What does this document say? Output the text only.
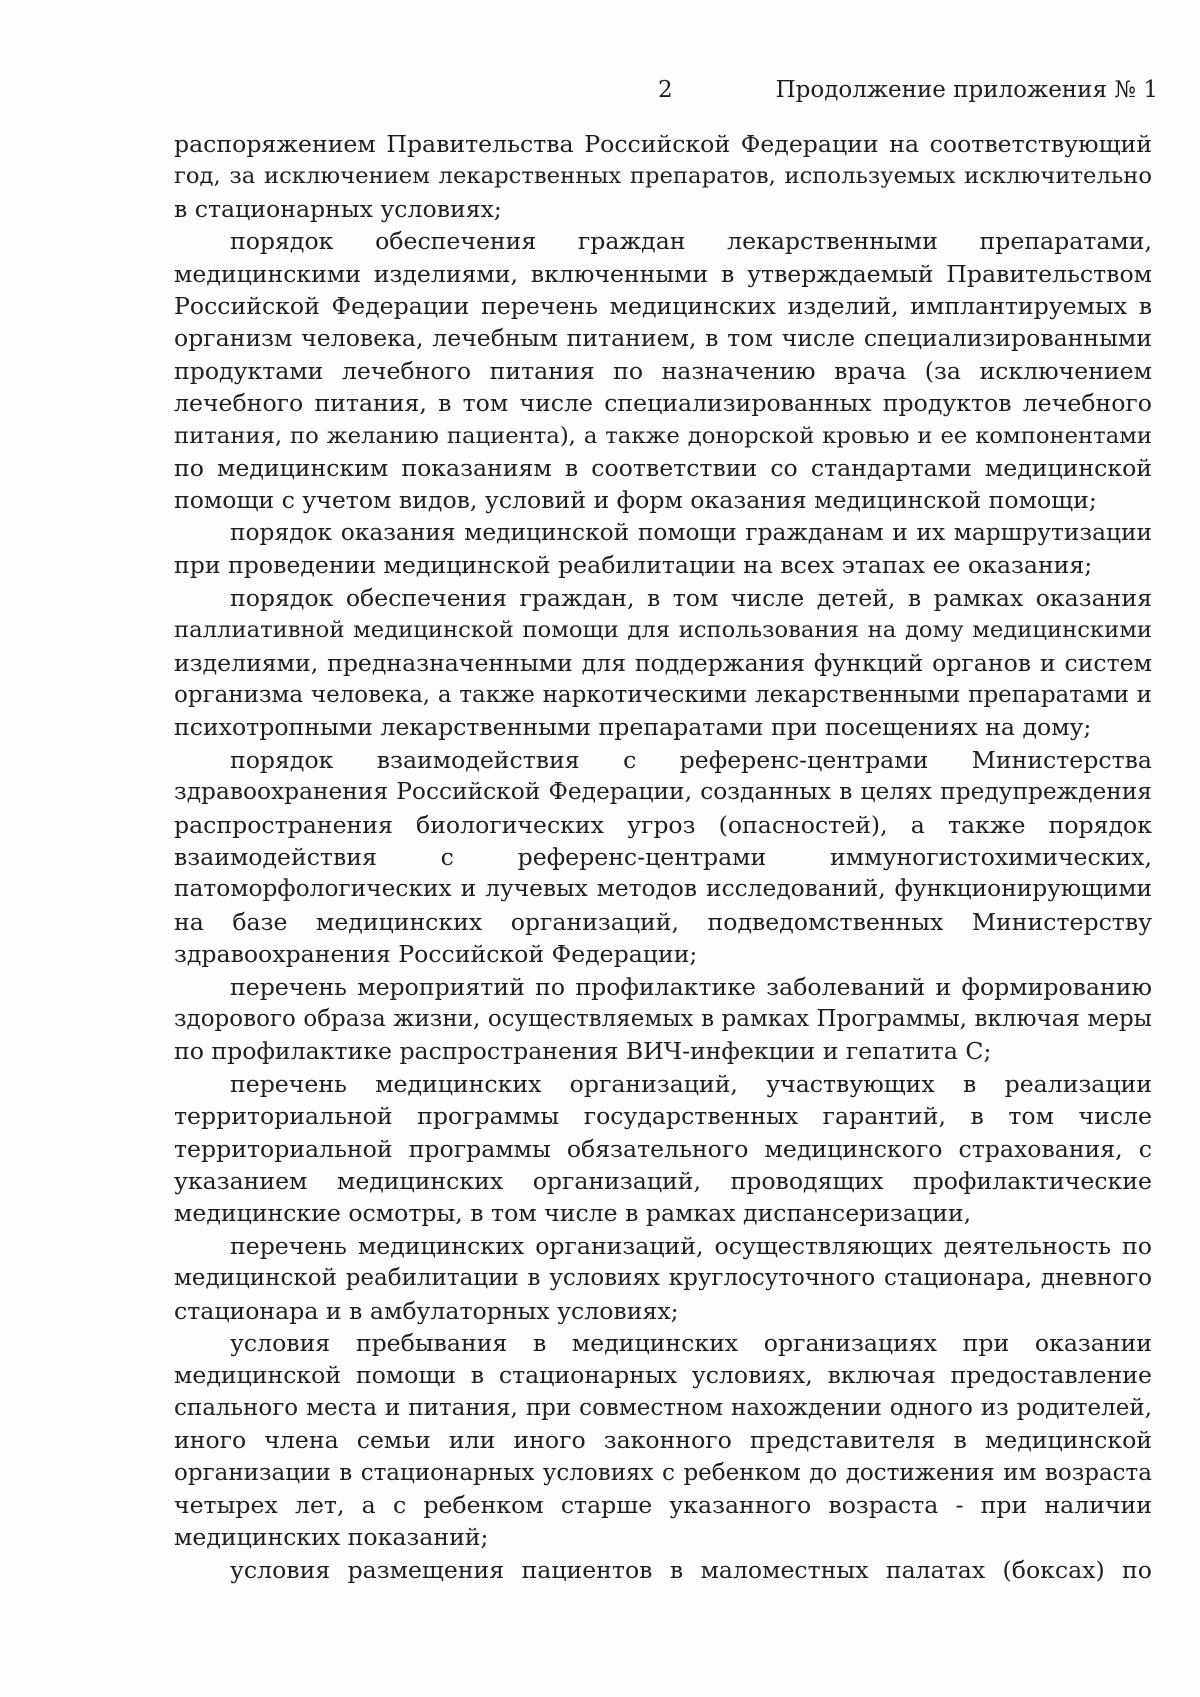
2	Продолжение приложения № 1

распоряжением Правительства Российской Федерации на соответствующий
год, за исключением лекарственных препаратов, используемых исключительно
в стационарных условиях;

порядок обеспечения граждан лекарственными препаратами,
медицинскими изделиями, включенными в утверждаемый Правительством
Российской Федерации перечень медицинских изделий, имплантируемых в
организм человека, лечебным питанием, в том числе специализированными
продуктами лечебного питания по назначению врача (за исключением
лечебного питания, в том числе специализированных продуктов лечебного
питания, по желанию пациента), а также донорской кровью и ее компонентами
по медицинским показаниям в соответствии со стандартами медицинской
помощи с учетом видов, условий и форм оказания медицинской помощи;

порядок оказания медицинской помощи гражданам и их маршрутизации
при проведении медицинской реабилитации на всех этапах ее оказания;

порядок обеспечения граждан, в том числе детей, в рамках оказания
паллиативной медицинской помощи для использования на дому медицинскими
изделиями, предназначенными для поддержания функций органов и систем
организма человека, а также наркотическими лекарственными препаратами и
психотропными лекарственными препаратами при посещениях на дому;

порядок взаимодействия с референс-центрами Министерства
здравоохранения Российской Федерации, созданных в целях предупреждения
распространения биологических угроз (опасностей), а также порядок
взаимодействия с референс-центрами иммуногистохимических,
патоморфологических и лучевых методов исследований, функционирующими
на базе медицинских организаций, подведомственных Министерству
здравоохранения Российской Федерации;

перечень мероприятий по профилактике заболеваний и формированию
здорового образа жизни, осуществляемых в рамках Программы, включая меры
по профилактике распространения ВИЧ-инфекции и гепатита С;

перечень медицинских организаций, участвующих в реализации
территориальной программы государственных гарантий, в том числе
территориальной программы обязательного медицинского страхования, с
указанием медицинских организаций, проводящих профилактические
медицинские осмотры, в том числе в рамках диспансеризации,

перечень медицинских организаций, осуществляющих деятельность по
медицинской реабилитации в условиях круглосуточного стационара, дневного
стационара и в амбулаторных условиях;

условия пребывания в медицинских организациях при оказании
медицинской помощи в стационарных условиях, включая предоставление
спального места и питания, при совместном нахождении одного из родителей,
иного члена семьи или иного законного представителя в медицинской
организации в стационарных условиях с ребенком до достижения им возраста
четырех лет, а с ребенком старше указанного возраста - при наличии
медицинских показаний;

условия размещения пациентов в маломестных палатах (боксах) по
